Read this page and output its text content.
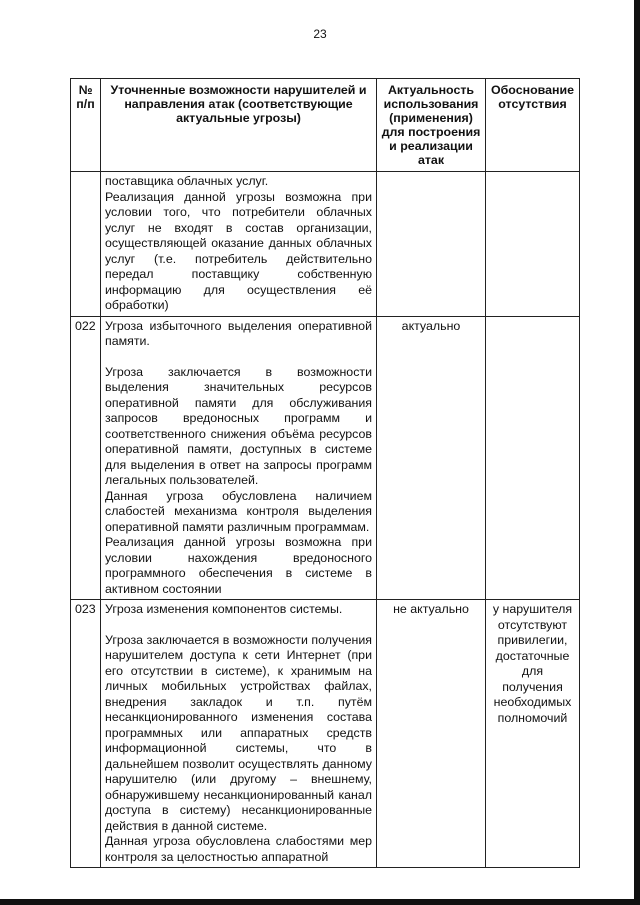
23
№ п/п	Уточненные возможности нарушителей и направления атак (соответствующие актуальные угрозы)	Актуальность использования (применения) для построения и реализации атак	Обоснование отсутствия

	поставщика облачных услуг.
Реализация данной угрозы возможна при условии того, что потребители облачных услуг не входят в состав организации, осуществляющей оказание данных облачных услуг (т.е. потребитель действительно передал поставщику собственную информацию для осуществления её обработки)		

022	Угроза избыточного выделения оперативной памяти.
Угроза заключается в возможности выделения значительных ресурсов оперативной памяти для обслуживания запросов вредоносных программ и соответственного снижения объёма ресурсов оперативной памяти, доступных в системе для выделения в ответ на запросы программ легальных пользователей.
Данная угроза обусловлена наличием слабостей механизма контроля выделения оперативной памяти различным программам.
Реализация данной угрозы возможна при условии нахождения вредоносного программного обеспечения в системе в активном состоянии	актуально	
023	Угроза изменения компонентов системы.
Угроза заключается в возможности получения нарушителем доступа к сети Интернет (при его отсутствии в системе), к хранимым на личных мобильных устройствах файлах, внедрения закладок и т.п. путём несанкционированного изменения состава программных или аппаратных средств информационной системы, что в дальнейшем позволит осуществлять данному нарушителю (или другому – внешнему, обнаружившему несанкционированный канал доступа в систему) несанкционированные действия в данной системе.
Данная угроза обусловлена слабостями мер контроля за целостностью аппаратной	не актуально	у нарушителя отсутствуют привилегии, достаточные для получения необходимых полномочий
